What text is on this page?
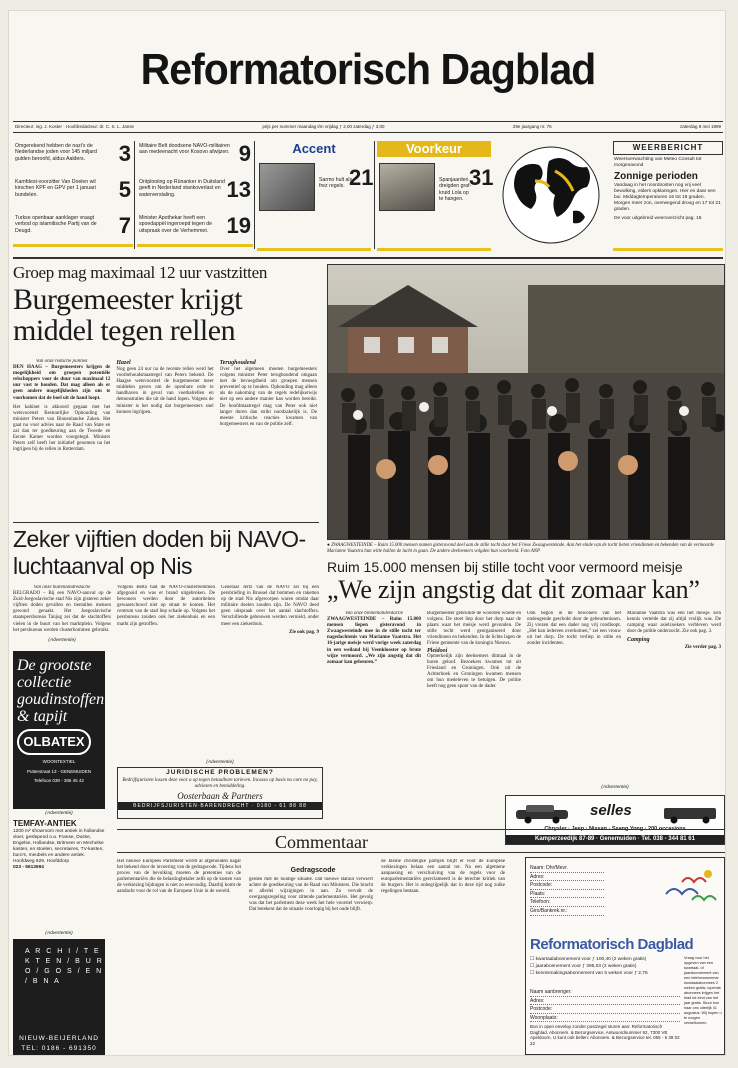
Reformatorisch Dagblad
Directeur: ing. J. Koster · Hoofdredacteur: dr. C. S. L. Janse	prijs per nummer maandag t/m vrijdag ƒ 2,00 zaterdag ƒ 3,00	29e jaargang nr. 75	zaterdag 8 mei 1999
Omgerekend hebben de nazi's de Nederlandse joden voor 145 miljard gulden beroofd, aldus Aalders.	3
Kamfdest-voorzitter Van Doelen wil kirschen KPF en GPV per 1 januari bundelen.	5
Turkse openbaar aanklager vraagt verbod op islamitische Partij van de Deugd.	7
Militaire Belt doodsene NAVO-militairen aan medeenacht voor Kosovo afwijzen. 9
Ontplooiing op Rünanker in Duitsland geeft in Nederland stankoverlast en waterverstaling.	13
Minister Apothekar heeft een spoedappèl ingeroepd tegen de uitspraak over de Verhemmet. 19
Accent
Sarmo hult als frez regels. 21
Voorkeur
Spanjaarden dreigden graf-kruid Lola op te hangen.
31
WEERBERICHT
Weersverwachting van Meteo Consult tot morgenavond
Zonnige perioden
Vandaag in het noordoosten nog vrij veel bewolking, elders opklaringen. Hier en daar een bui. Middagtemperaturen 16 tot 19 graden. Morgen meer zon, overwegend droog en 17 tot 21 graden.
De voor uitgebreid weeroverzicht pag. 16
Groep mag maximaal 12 uur vastzitten
Burgemeester krijgt middel tegen rellen
Van onze redactie politiek
DEN HAAG – Burgemeesters krijgen de mogelijkheid om groepen potentiële relschoppers voor de duur van maximaal 12 uur vast te houden. Dat mag alleen als er geen andere mogelijkheden zijn om te voorkomen dat de boel uit de hand loopt.
Het kabinet is akkoord gegaan met het wetsvoorstel Bestuurlijke Ophouding van minister Peters van Binnenlandse Zaken. Het gaat nu voor advies naar de Raad van State en zal dan ter goedkeuring aan de Tweede en Eerste Kamer worden voorgelegd. Minister Peters zelf heeft het initiatief genomen na het ingrijpen bij de rellen in Rotterdam.
Hazel
Nog geen 24 uur na de recente rellen werd het voorbehoudsmaatregel van Peters bekend. De Haagse wetsvoorstel de burgemeester meer middelen geven om de openbare orde te handhaven in geval van voetbalrellen en demonstraties die uit de hand lopen. Volgens de minister is het nodig dat burgemeesters snel kunnen ingrijpen.
Terughoudend
Over het algemeen moeten burgemeesters volgens minister Peter terughoudend omgaan met de bevoegdheid om groepen mensen preventief op te houden. Ophouding mag alleen als de nakoming van de regels redelijkerwijs niet op een andere manier kan worden bereikt. De hoofdmaatregel mag van Peter ook niet langer duren dan strikt noodzakelijk is. De meeste kritische reacties kwamen van burgemeesters en van de politie zelf.
● ZWAAGWESTEINDE – Ruim 15.000 mensen namen gisteravond deel aan de stille tocht door het Friese Zwaagwesteinde. Aan het einde van de tocht lieten vriendinnen en bekenden van de vermoorde Marianne Vaatstra hun witte ballon de lucht in gaan. De andere deelnemers volgden hun voorbeeld. Foto ANP
Zeker vijftien doden bij NAVO-luchtaanval op Nis
Van onze buitenlandredactie
BELGRADO – Bij een NAVO-aanval op de Zuid-Joegoslavische stad Nis zijn gisteren zeker vijftien doden gevallen en tientallen mensen gewond geraakt. Het Joegoslavische staatspersbureau Tanjug zei dat de slachtoffers vielen in de buurt van het marktplein. Volgens het persbureau werden clusterbommen gebruikt.
(Advertentie)
Volgens Belta had de NAVO-clusterbommen afgegooid en was er brand uitgebroken. De bewoners werden door de autoriteiten gewaarschuwd niet op straat te komen. Het centrum van de stad liep schade op. Volgens het persbureau zouden ook het ziekenhuis en een markt zijn getroffen.
Generaal Jertz van de NAVO zei bij een persbriefing in Brussel dat bommen en raketten op de stad Nis afgeworpen waren omdat daar militaire doelen zouden zijn. De NAVO deed geen uitspraak over het aantal slachtoffers. Verschillende gebouwen werden vernield, onder meer een ziekenhuis.
Zie ook pag. 9
Ruim 15.000 mensen bij stille tocht voor vermoord meisje
„We zijn angstig dat dit zomaar kan”
Van onze binnenlandredactie
ZWAAGWESTEINDE – Ruim 15.000 mensen liepen gisteravond in Zwaagwesteinde mee in de stille tocht ter nagedachtenis van Marianne Vaatstra. Het 16-jarige meisje werd vorige week zaterdag in een weiland bij Veenklooster op brute wijze vermoord. „We zijn angstig dat dit zomaar kan gebeuren.”
Burgemeester gebruikte de woorden woede en volgens. De stoet liep door het dorp naar de plaats waar het meisje werd gevonden. De stille tocht werd georganiseerd door vriendinnen en bekenden. In de lichte lagen de Friese gemeente van de koningin Nieuws.
Pleidooi
Opmerkelijk zijn deelnemers ditmaal in de buren geloof. Bezoekers kwamen tot uit Friesland en Groningen. Ook uit de Achterhoek en Groningen kwamen mensen om hun medeleven te betuigen. De politie heeft nog geen spoor van de dader.
Ook begon in de bewoners van het ondeugende geschokt door de gebeurtenissen. Zij vrezen dat een dader nog vrij rondloopt. „Het kan iedereen overkomen,” zei een vrouw uit het dorp. De tocht verliep in stilte en zonder incidenten.
Marianne Vaatstra was een lief meisje. Een kennis vertelde dat zij altijd vrolijk was. De camping waar asielzoekers verbleven werd door de politie onderzocht. Zie ook pag. 3.
Camping
Zie verder pag. 3
De grootste collectie goudinstoffen & tapijt
OLBATEX
WOONTEXTIEL
Putterstraat 13 - GENEMUIDEN
Telefoon 038 - 385 45 42
(Advertentie)
TEMFAY-ANTIEK
1200 m² showroom met antiek in hollandse vloer, geslepend o.a. Franse, Duitse, Engelse, Hollandse, Britmeer en Mechelse kasten, en stoelen, secretaires, TV-kasten, buro's, meubels en andere antiek. Hoofdweg 629, Hoofddorp
023 - 5613594
(Advertentie)
A R C H I / T E K T E N / B U R O / G O S / E N / B N A
NIEUW-BEIJERLAND
TEL: 0186 - 691350
(Advertentie)
JURIDISCHE PROBLEMEN?
Bedrijfsjuristen lossen deze voor u op tegen betaalbare tarieven. Incasso op basis no cure no pay, adviezen en bemiddeling.
Oosterbaan & Partners
BEDRIJFSJURISTEN·BARENDRECHT · 0180 - 61 88 88
(Advertentie)
selles
Chrysler · Jeep · Nissan · Ssang Yong · 200 occasions
Kamperzeedijk 87-89 · Genemuiden · Tel. 038 - 344 81 61
Commentaar
Gedragscode
Het nieuwe Europees Parlement wordt al afgehouden nagar het bekend door de invoering van de gedragscode. Tijdens het proces van de bevolking moeten de pretenties van de parlementariërs die de belastingbetaler zelfs op de kosten van de verkiezing bijdragen is niet zo eenvoudig. Daarbij komt de aandacht voor de rol van de Europese Unie in de wereld.
gelden met de huidige situatie. Dat nieuwe statuut verwierf achter de goedkeuring van de Raad van Ministers. Die bracht er allerlei wijzigingen in aan. Zo vervalt de overgangsregeling voor zittende parlementariërs. Het gevolg was dat het parlement deze week het hele voorstel verwierp. Dat betekent dat de situatie voorlopig bij het oude blijft.
de kleine christelijke partijen blijft er voor de Europese verkiezingen helaas een aantal tot. Na een algemene aanpassing en verschuiving van de regels voor de europarlementariërs gereclameerd is de terechte kritiek van de burgers. Het is onbegrijpelijk dat in deze tijd nog zulke regelingen bestaan.
Naam: Dhr/Mevr.
Adres:
Postcode:
Plaats:
Telefoon:
Giro/Bankrek.nr.:
Reformatorisch Dagblad
☐ kwartaalabonnement voor ƒ 100,40 (2 weken gratis)
☐ jaarabonnement voor ƒ 395,03 (2 weken gratis)
☐ kennismakingsabonnement van 5 weken voor ƒ 2,75
Naam aanbrenger:
Adres:
Postcode:
Woonplaats:
Bon in open envelop zonder postzegel sturen aan: Reformatorisch Dagblad, Abonnem. & Bezorgservice, Antwoordnummer 92, 7300 VB Apeldoorn. U kunt ook bellen: Abonnem. & Bezorgservice tel. 055 - 5 39 02 22
Vraag voor het opgeven van een kwartaal- of jaarabonnement van een telefoonnummer kwartaalabonnees 2 weken gratis; lopende abonnees krijgen het blad tot eind van het jaar gratis. Stuur bon naar ons uiterlijk 31 augustus. Wij hopen u te mogen verwelkomen.
